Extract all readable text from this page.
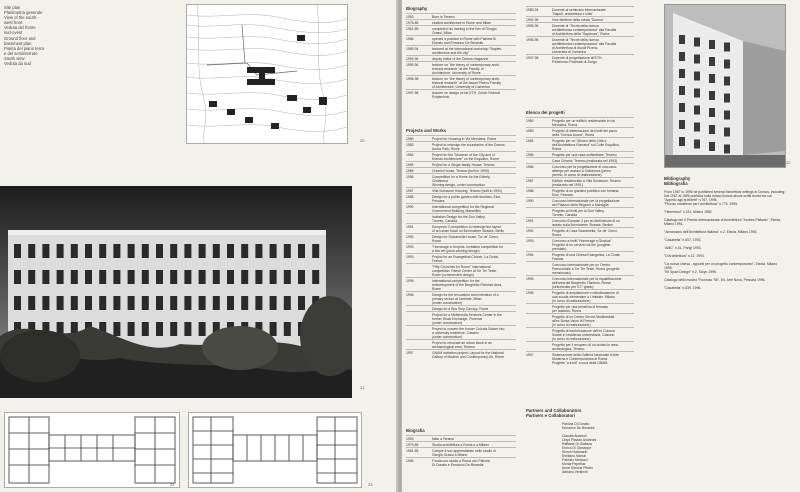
Site plan
Planimetria generale
View of the south-
west front
Veduta del fronte
sud-ovest
Ground floor and
basement plan
Pianta del piano terra
e del seminterrato
South view
Veduta da sud
20
21
22	23
Biography
1953	Born in Teramo
1975-85	studied architecture in Rome and Milan
1981-85	completed his training in the firm of Giorgio
Grassi, Milan
1986	opened a practice in Rome with Patrizia Di
Donato and Ermanno De Berardis
1989-94	lectured at the international workshop "Naples,
architecture and the city"
1992-96	deputy editor of the Domus magazine
1995-96	lecturer on "the theory of contemporary archi-
tectural research" at the Faculty of
Architecture, University of Rome
1996-98	lecturer on "the theory of contemporary archi-
tectural research" at the Ascoli Piceno Faculty
of Architecture, University of Camerino
1997-98	lecturer on design at the ETH, Zurich Federal
Polytechnic
Projects and Works
1980	Project for Housing in Via Merulana, Rome
1983	Project to redesign the boundaries of the Domus
Aurea Park, Rome
1984	Project for the "Museum of the City and of
Roman Architecture" on the Esquiline, Rome
1985	Project for a Single-family House, Teramo
1985	Chiarini House, Teramo (built in 1993)
1986	Competition for a Home for the Elderly,
Civitanova
Winning design, under construction
1987	Villa Schiavoni Housing, Teramo (built in 1991)
1988	Design for a public garden with fountain, Elce,
Pescara
1990	International competition for the Regional
Government Building, Marseilles
Invitation Design for the Don Valley,
Toronto, Canada
1991	European 2 competition to redesign the layout
of an urban block on Bornholmer Strasse, Berlin
1992	Design for Scaramella House, Tor de' Cenci,
Rome
1993	"Hommage a Gropius. Invitation competition for
a low set (prize-winning design)
1993	Project for an Evangelical Church, La Ciotat,
France
"Fifty Churches for Rome" international
competition: Parish Center at Tor Tre Teste,
Rome (commended design)
1995	International competition for the
redevelopment of the Borghetto Flaminio Area,
Rome
1996	Design for the renovation and extension of a
primary school at Limbiate, Milan
(under construction)
Design for a Bus Stop Canopy, Rome
Project for a Multimedia Services Center in the
former Stock Exchange, Florence
(under construction)
Project to convert the former Colonia Solare into
a university residence, Cassino
(under construction)
Project to renovate an urban block in an
archaeological area, Teramo
1997	GNAM invitation project: Layout for the National
Gallery of Modern and Contemporary Art, Rome
Biografia
1953	Nato a Teramo
1975-85	Studia architettura a Roma e a Milano
1981-85	Compie il suo apprendistato nello studio di
Giorgio Grassi a Milano
1986	Fonda uno studio a Roma con Patrizia
Di Donato e Ermanno De Berardis
1989-94	Docente al seminario internazionale
"Napoli, architettura e città"
1992-96	Vice direttore della rivista "Domus"
1995-96	Docente di "Teorie della ricerca
architettonica contemporanea" alla Facoltà
di Architettura della "Sapienza", Roma
1996-98	Docente di "Teorie della ricerca
architettonica contemporanea" alla Facoltà
di Architettura di Ascoli Piceno,
Università di Camerino
1997-98	Docente di progettazione all'ETH,
Politecnico Federale di Zurigo
Elenco dei progetti
1980	Progetto per un edificio residenziale in via
Merulana, Roma
1983	Progetto di sistemazione dei limiti del parco
della "Domus Aurea", Roma
1984	Progetto per un "Museo della Città e
dell'Architettura Romana" sul Colle Esquilino,
Roma
1985	Progetto per una casa unifamiliare, Teramo
Casa Chiarini, Teramo (realizzata nel 1993)
1986	Concorso per la progettazione di una casa-
albergo per anziani a Civitanova (primo
premio, in corso di realizzazione)
1987	Edificio residenziale a Villa Schiavoni, Teramo
(realizzato nel 1991)
1988	Progetto di un giardino pubblico con fontana,
Elce, Pescara
1990	Concorso internazionale per la progettazione
del Palazzo della Regione a Marsiglia
Progetto ad inviti per la Don Valley,
Toronto, Canada
1991	Concorso Europan 2 per la ridefinizione di un
isolato sulla Bornholmer Strasse, Berlino
1992	Progetto di Casa Scaramella, Tor de' Cenci,
Roma
1993	Concorso a inviti "Hommage a Gropius".
Progetto di un servizio da thé (progetto
premiato)
1994	Progetto di una Chiesa Evangelica, La Ciotat,
Francia
Concorso internazionale per un Centro
Parrocchiale a Tor Tre Teste, Roma (progetto
menzionato)
1995	Concorso internazionale per la riqualificazione
dell'area del Borghetto Flaminio, Roma
(selezionato per il 2° grado)
1996	Progetto di ampliamento e ristrutturazione di
una scuola elementare a Limbiate, Milano
(in corso di realizzazione)
Progetto per una pensilina di fermata
per autobus, Roma
Progetto di un Centro Servizi Multimediali
all'ex Borsa Valori di Firenze
(in corso di realizzazione)
Progetto di trasformazione dell'ex Colonia
Solare in residenza universitaria, Cassino
(in corso di realizzazione)
Progetto per il recupero di un isolato in area
archeologica, Teramo
1997	Sistemazione della Galleria Nazionale d'Arte
Moderna e Contemporanea di Roma.
Progetto "a inviti" a cura della GNAM
Partners and Collaborators
Partners e Collaboratori
Patrizia Di Donato
Ermanno De Berardis
Claudia Andreoli
Lloyd Flavian Andreoni
Raffaele Di Giallaca
Enrico Di Giuseppe
Simon Hartmann
Emiliano Marozi
Fabrizio Mariozzi
Monia Pepetius
Anne Simone Pfister
Adriano Ventimiri
22
Bibliography
Bibliografia
From 1987 to 1996 he published several theoretical writings in Domus, including:
Dal 1987 al 1996 pubblica sulla rivista Domus alcuni scritti teorici tra cui:
"Appello agli architetti" n.767, 1995.
"Piccolo manifesto per l'architettura" n.775, 1995.

"Hinterland" n.231, Milano 1982.

Catalogo del II Premio Internazionale di Architettura "Andrea Palladio", Electa, Milano 1991.

"Almanacco dell'Architettura italiana" n.2, Electa, Milano 1993.

"Casabella" n.607, 1993.

"AMC" n.41, Parigi 1993.

"D'Architettura" n.12, 1994.

"La nuova chiesa - appunti per un progetto contemporaneo", Electa, Milano 1995.
"50 Spazi Design" n.2, Tokyo 1996.

Catalogo della mostra "Fuoriuso '96", Ed. Arte Nova, Pescara 1996.

"Casabella" n.639, 1996.
